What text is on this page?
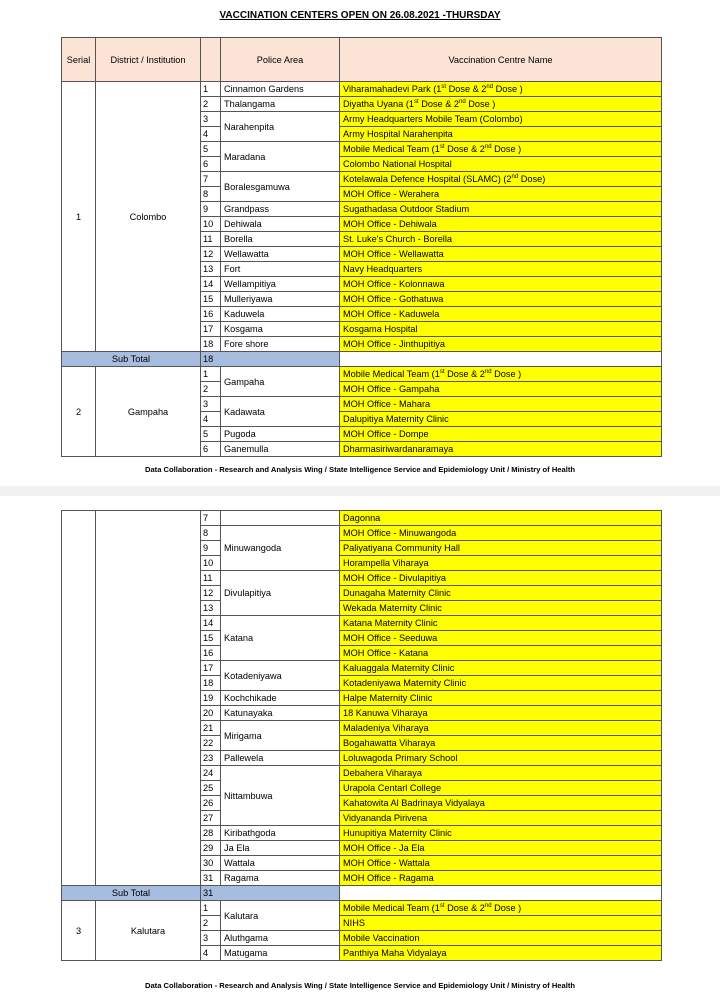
VACCINATION CENTERS OPEN ON 26.08.2021 -THURSDAY
Serial	District / Institution		Police Area	Vaccination Centre Name
1	Colombo	1	Cinnamon Gardens	Viharamahadevi Park (1st Dose & 2nd Dose )
		2	Thalangama	Diyatha Uyana (1st Dose & 2nd Dose )
		3	Narahenpita	Army Headquarters Mobile Team (Colombo)
		4		Army Hospital Narahenpita
		5	Maradana	Mobile Medical Team (1st Dose & 2nd Dose )
		6		Colombo National Hospital
		7	Boralesgamuwa	Kotelawala Defence Hospital (SLAMC) (2nd Dose)
		8		MOH Office - Werahera
		9	Grandpass	Sugathadasa Outdoor Stadium
		10	Dehiwala	MOH Office - Dehiwala
		11	Borella	St. Luke's Church - Borella
		12	Wellawatta	MOH Office - Wellawatta
		13	Fort	Navy Headquarters
		14	Wellampitiya	MOH Office - Kolonnawa
		15	Mulleriyawa	MOH Office - Gothatuwa
		16	Kaduwela	MOH Office - Kaduwela
		17	Kosgama	Kosgama Hospital
		18	Fore shore	MOH Office - Jinthupitiya
Sub Total		18		
2	Gampaha	1	Gampaha	Mobile Medical Team (1st Dose & 2nd Dose )
		2		MOH Office - Gampaha
		3	Kadawata	MOH Office - Mahara
		4		Dalupitiya Maternity Clinic
		5	Pugoda	MOH Office - Dompe
		6	Ganemulla	Dharmasiriwardanaramaya
Data Collaboration - Research and Analysis Wing / State Intelligence Service and Epidemiology Unit / Ministry of Health
		7		Dagonna
		8	Minuwangoda	MOH Office - Minuwangoda
		9		Paliyatiyana Community Hall
		10		Horampella Viharaya
		11	Divulapitiya	MOH Office - Divulapitiya
		12		Dunagaha Maternity Clinic
		13		Wekada Maternity Clinic
		14	Katana	Katana Maternity Clinic
		15		MOH Office - Seeduwa
		16		MOH Office - Katana
		17	Kotadeniyawa	Kaluaggala Maternity Clinic
		18		Kotadeniyawa Maternity Clinic
		19	Kochchikade	Halpe Maternity Clinic
		20	Katunayaka	18 Kanuwa Viharaya
		21	Mirigama	Maladeniya Viharaya
		22		Bogahawatta Viharaya
		23	Pallewela	Loluwagoda Primary School
		24	Nittambuwa	Debahera Viharaya
		25		Urapola Centarl College
		26		Kahatowita Al Badrinaya Vidyalaya
		27		Vidyananda Pirivena
		28	Kiribathgoda	Hunupitiya Maternity Clinic
		29	Ja Ela	MOH Office - Ja Ela
		30	Wattala	MOH Office - Wattala
		31	Ragama	MOH Office - Ragama
Sub Total		31		
3	Kalutara	1	Kalutara	Mobile Medical Team (1st Dose & 2nd Dose )
		2		NIHS
		3	Aluthgama	Mobile Vaccination
		4	Matugama	Panthiya Maha Vidyalaya
Data Collaboration - Research and Analysis Wing / State Intelligence Service and Epidemiology Unit / Ministry of Health
